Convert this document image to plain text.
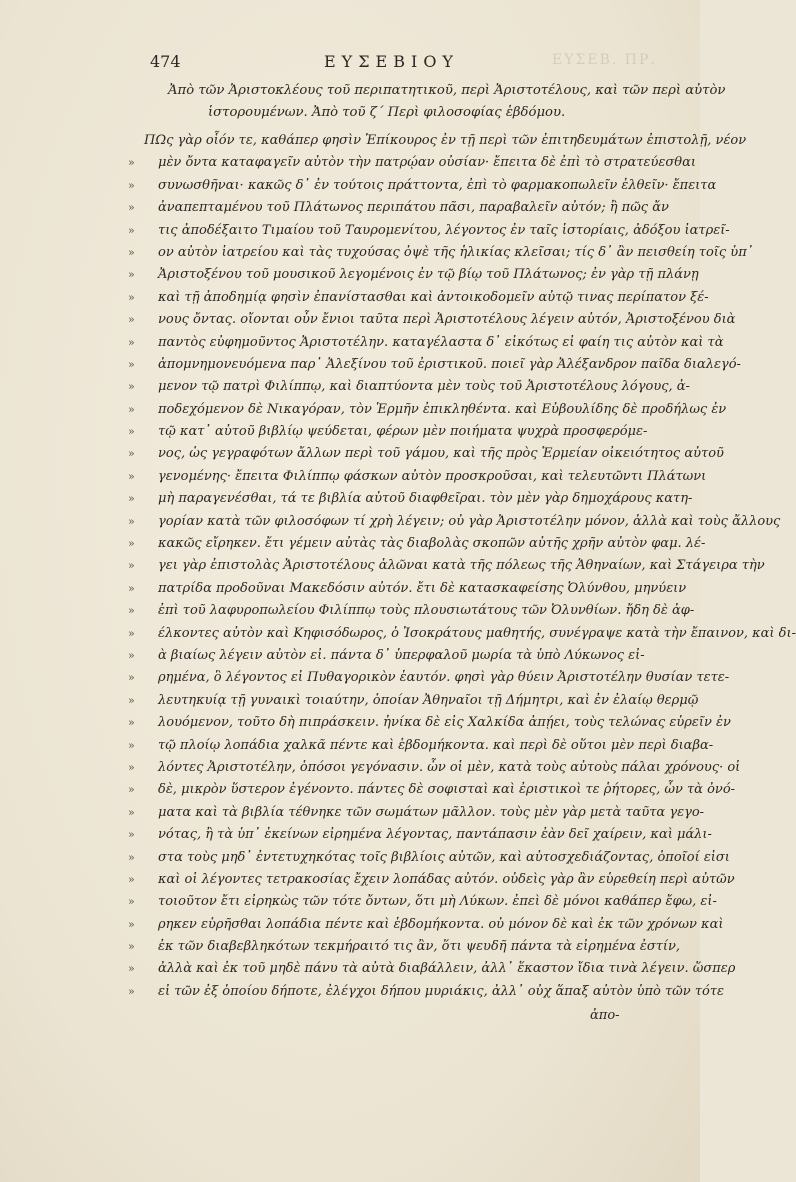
ΕΥΣΕΒ. ΠΡ.
474	ΕΥΣΕΒΙΟΥ
Ἀπὸ τῶν Ἀριστοκλέους τοῦ περιπατητικοῦ, περὶ Ἀριστοτέλους, καὶ τῶν περὶ αὐτὸν
ἱστορουμένων. Ἀπὸ τοῦ ζ΄ Περὶ φιλοσοφίας ἑβδόμου.
ΠΩς γὰρ οἷόν τε, καθάπερ φησὶν Ἐπίκουρος ἐν τῇ περὶ τῶν ἐπιτηδευμάτων ἐπιστολῇ, νέον
» μὲν ὄντα καταφαγεῖν αὐτὸν τὴν πατρῴαν οὐσίαν· ἔπειτα δὲ ἐπὶ τὸ στρατεύεσθαι
» συνωσθῆναι· κακῶς δ᾽ ἐν τούτοις πράττοντα, ἐπὶ τὸ φαρμακοπωλεῖν ἐλθεῖν· ἔπειτα
» ἀναπεπταμένου τοῦ Πλάτωνος περιπάτου πᾶσι, παραβαλεῖν αὐτόν; ἢ πῶς ἄν
» τις ἀποδέξαιτο Τιμαίου τοῦ Ταυρομενίτου, λέγοντος ἐν ταῖς ἱστορίαις, ἀδόξου ἰατρεῖ-
» ον αὐτὸν ἰατρείου καὶ τὰς τυχούσας ὀψὲ τῆς ἡλικίας κλεῖσαι; τίς δ᾽ ἂν πεισθείη τοῖς ὑπ᾽
» Ἀριστοξένου τοῦ μουσικοῦ λεγομένοις ἐν τῷ βίῳ τοῦ Πλάτωνος; ἐν γὰρ τῇ πλάνῃ
» καὶ τῇ ἀποδημίᾳ φησὶν ἐπανίστασθαι καὶ ἀντοικοδομεῖν αὐτῷ τινας περίπατον ξέ-
» νους ὄντας. οἴονται οὖν ἔνιοι ταῦτα περὶ Ἀριστοτέλους λέγειν αὐτόν, Ἀριστοξένου διὰ
» παντὸς εὐφημοῦντος Ἀριστοτέλην. καταγέλαστα δ᾽ εἰκότως εἰ φαίη τις αὐτὸν καὶ τὰ
» ἀπομνημονευόμενα παρ᾽ Ἀλεξίνου τοῦ ἐριστικοῦ. ποιεῖ γὰρ Ἀλέξανδρον παῖδα διαλεγό-
» μενον τῷ πατρὶ Φιλίππῳ, καὶ διαπτύοντα μὲν τοὺς τοῦ Ἀριστοτέλους λόγους, ἀ-
» ποδεχόμενον δὲ Νικαγόραν, τὸν Ἑρμῆν ἐπικληθέντα. καὶ Εὐβουλίδης δὲ προδήλως ἐν
» τῷ κατ᾽ αὐτοῦ βιβλίῳ ψεύδεται, φέρων μὲν ποιήματα ψυχρὰ προσφερόμε-
» νος, ὡς γεγραφότων ἄλλων περὶ τοῦ γάμου, καὶ τῆς πρὸς Ἑρμείαν οἰκειότητος αὐτοῦ
» γενομένης· ἔπειτα Φιλίππῳ φάσκων αὐτὸν προσκροῦσαι, καὶ τελευτῶντι Πλάτωνι
» μὴ παραγενέσθαι, τά τε βιβλία αὐτοῦ διαφθεῖραι. τὸν μὲν γὰρ δημοχάρους κατη-
» γορίαν κατὰ τῶν φιλοσόφων τί χρὴ λέγειν; οὐ γὰρ Ἀριστοτέλην μόνον, ἀλλὰ καὶ τοὺς ἄλλους
» κακῶς εἴρηκεν. ἔτι γέμειν αὐτὰς τὰς διαβολὰς σκοπῶν αὐτῆς χρῆν αὐτὸν φαμ. λέ-
» γει γὰρ ἐπιστολὰς Ἀριστοτέλους ἁλῶναι κατὰ τῆς πόλεως τῆς Ἀθηναίων, καὶ Στάγειρα τὴν
» πατρίδα προδοῦναι Μακεδόσιν αὐτόν. ἔτι δὲ κατασκαφείσης Ὀλύνθου, μηνύειν
» ἐπὶ τοῦ λαφυροπωλείου Φιλίππῳ τοὺς πλουσιωτάτους τῶν Ὀλυνθίων. ἤδη δὲ ἀφ-
» έλκοντες αὐτὸν καὶ Κηφισόδωρος, ὁ Ἰσοκράτους μαθητής, συνέγραψε κατὰ τὴν ἔπαινον, καὶ δι-
» ὰ βιαίως λέγειν αὐτὸν εἰ. πάντα δ᾽ ὑπερφαλοῦ μωρία τὰ ὑπὸ Λύκωνος εἰ-
» ρημένα, ὃ λέγοντος εἰ Πυθαγορικὸν ἑαυτόν. φησὶ γὰρ θύειν Ἀριστοτέλην θυσίαν τετε-
» λευτηκυίᾳ τῇ γυναικὶ τοιαύτην, ὁποίαν Ἀθηναῖοι τῇ Δήμητρι, καὶ ἐν ἐλαίῳ θερμῷ
» λουόμενον, τοῦτο δὴ πιπράσκειν. ἠνίκα δὲ εἰς Χαλκίδα ἀπῄει, τοὺς τελώνας εὑρεῖν ἐν
» τῷ πλοίῳ λοπάδια χαλκᾶ πέντε καὶ ἑβδομήκοντα. καὶ περὶ δὲ οὕτοι μὲν περὶ διαβα-
» λόντες Ἀριστοτέλην, ὁπόσοι γεγόνασιν. ὧν οἱ μὲν, κατὰ τοὺς αὐτοὺς πάλαι χρόνους· οἱ
» δὲ, μικρὸν ὕστερον ἐγένοντο. πάντες δὲ σοφισταὶ καὶ ἐριστικοὶ τε ῥήτορες, ὧν τὰ ὀνό-
» ματα καὶ τὰ βιβλία τέθνηκε τῶν σωμάτων μᾶλλον. τοὺς μὲν γὰρ μετὰ ταῦτα γεγο-
» νότας, ἢ τὰ ὑπ᾽ ἐκείνων εἰρημένα λέγοντας, παντάπασιν ἐὰν δεῖ χαίρειν, καὶ μάλι-
» στα τοὺς μηδ᾽ ἐντετυχηκότας τοῖς βιβλίοις αὐτῶν, καὶ αὐτοσχεδιάζοντας, ὁποῖοί εἰσι
» καὶ οἱ λέγοντες τετρακοσίας ἔχειν λοπάδας αὐτόν. οὐδεὶς γὰρ ἂν εὑρεθείη περὶ αὐτῶν
» τοιοῦτον ἔτι εἰρηκὼς τῶν τότε ὄντων, ὅτι μὴ Λύκων. ἐπεὶ δὲ μόνοι καθάπερ ἔφω, εἰ-
» ρηκεν εὑρῆσθαι λοπάδια πέντε καὶ ἑβδομήκοντα. οὐ μόνον δὲ καὶ ἐκ τῶν χρόνων καὶ
» ἐκ τῶν διαβεβληκότων τεκμήραιτό τις ἂν, ὅτι ψευδῆ πάντα τὰ εἰρημένα ἐστίν,
» ἀλλὰ καὶ ἐκ τοῦ μηδὲ πάνυ τὰ αὐτὰ διαβάλλειν, ἀλλ᾽ ἕκαστον ἴδια τινὰ λέγειν. ὥσπερ
» εἰ τῶν ἐξ ὁποίου δήποτε, ἐλέγχοι δήπου μυριάκις, ἀλλ᾽ οὐχ ἅπαξ αὐτὸν ὑπὸ τῶν τότε
ἀπο-
